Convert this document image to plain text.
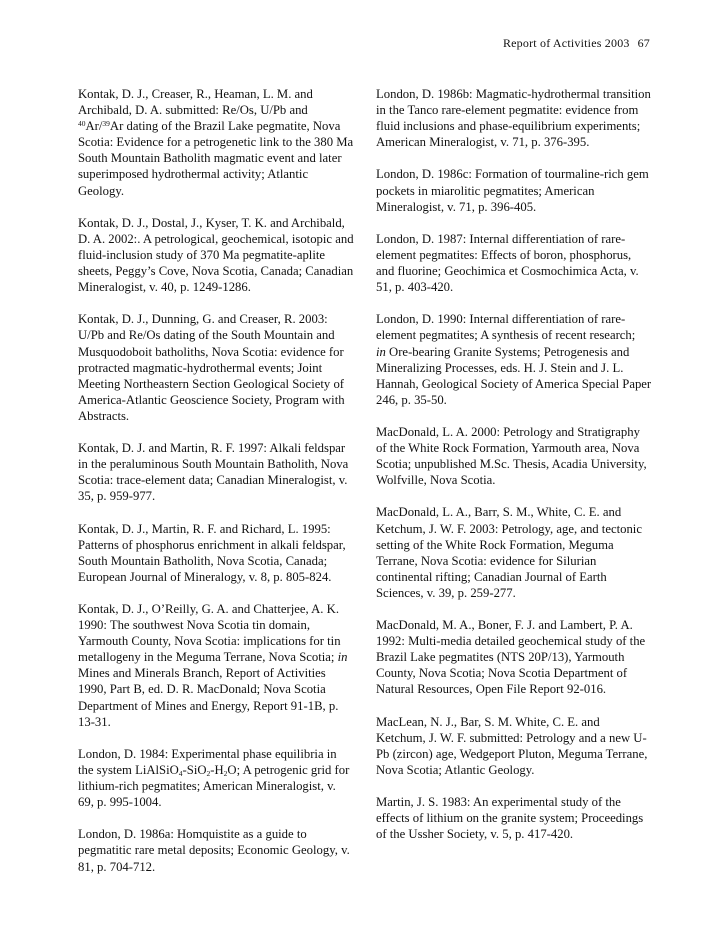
Report of Activities 2003 67

Kontak, D. J., Creaser, R., Heaman, L. M. and Archibald, D. A. submitted: Re/Os, U/Pb and
$^{40}$Ar/$^{39}$Ar dating of the Brazil Lake pegmatite, Nova Scotia: Evidence for a petrogenetic link to the 380 Ma South Mountain Batholith magmatic event and later superimposed hydrothermal activity; Atlantic Geology.

Kontak, D. J., Dostal, J., Kyser, T. K. and Archibald, D. A. 2002:. A petrological, geochemical, isotopic and fluid-inclusion study of 370 Ma pegmatite-aplite sheets, Peggy’s Cove, Nova Scotia, Canada; Canadian Mineralogist, v. 40, p. 1249-1286.

Kontak, D. J., Dunning, G. and Creaser, R. 2003: U/Pb and Re/Os dating of the South Mountain and Musquodoboit batholiths, Nova Scotia: evidence for protracted magmatic-hydrothermal events; Joint Meeting Northeastern Section Geological Society of America-Atlantic Geoscience Society, Program with Abstracts.

Kontak, D. J. and Martin, R. F. 1997: Alkali feldspar in the peraluminous South Mountain Batholith, Nova Scotia: trace-element data; Canadian Mineralogist, v. 35, p. 959-977.

Kontak, D. J., Martin, R. F. and Richard, L. 1995: Patterns of phosphorus enrichment in alkali feldspar, South Mountain Batholith, Nova Scotia, Canada; European Journal of Mineralogy, v. 8, p. 805-824.

Kontak, D. J., O’Reilly, G. A. and Chatterjee, A. K. 1990: The southwest Nova Scotia tin domain, Yarmouth County, Nova Scotia: implications for tin metallogeny in the Meguma Terrane, Nova Scotia; in Mines and Minerals Branch, Report of Activities 1990, Part B, ed. D. R. MacDonald; Nova Scotia Department of Mines and Energy, Report 91-1B, p. 13-31.

London, D. 1984: Experimental phase equilibria in the system $LiAlSiO_4-SiO_2-H_2O$; A petrogenic grid for lithium-rich pegmatites; American Mineralogist, v. 69, p. 995-1004.

London, D. 1986a: Homquistite as a guide to pegmatitic rare metal deposits; Economic Geology, v. 81, p. 704-712.

London, D. 1986b: Magmatic-hydrothermal transition in the Tanco rare-element pegmatite: evidence from fluid inclusions and phase-equilibrium experiments; American Mineralogist, v. 71, p. 376-395.

London, D. 1986c: Formation of tourmaline-rich gem pockets in miarolitic pegmatites; American Mineralogist, v. 71, p. 396-405.

London, D. 1987: Internal differentiation of rare-element pegmatites: Effects of boron, phosphorus, and fluorine; Geochimica et Cosmochimica Acta, v. 51, p. 403-420.

London, D. 1990: Internal differentiation of rare-element pegmatites; A synthesis of recent research;
in Ore-bearing Granite Systems; Petrogenesis and Mineralizing Processes, eds. H. J. Stein and J. L. Hannah, Geological Society of America Special Paper 246, p. 35-50.

MacDonald, L. A. 2000: Petrology and Stratigraphy of the White Rock Formation, Yarmouth area, Nova Scotia; unpublished M.Sc. Thesis, Acadia University, Wolfville, Nova Scotia.

MacDonald, L. A., Barr, S. M., White, C. E. and Ketchum, J. W. F. 2003: Petrology, age, and tectonic setting of the White Rock Formation, Meguma Terrane, Nova Scotia: evidence for Silurian continental rifting; Canadian Journal of Earth Sciences, v. 39, p. 259-277.

MacDonald, M. A., Boner, F. J. and Lambert, P. A. 1992: Multi-media detailed geochemical study of the Brazil Lake pegmatites (NTS 20P/13), Yarmouth County, Nova Scotia; Nova Scotia Department of Natural Resources, Open File Report 92-016.

MacLean, N. J., Bar, S. M. White, C. E. and Ketchum, J. W. F. submitted: Petrology and a new U-Pb (zircon) age, Wedgeport Pluton, Meguma Terrane, Nova Scotia; Atlantic Geology.

Martin, J. S. 1983: An experimental study of the effects of lithium on the granite system; Proceedings of the Ussher Society, v. 5, p. 417-420.
